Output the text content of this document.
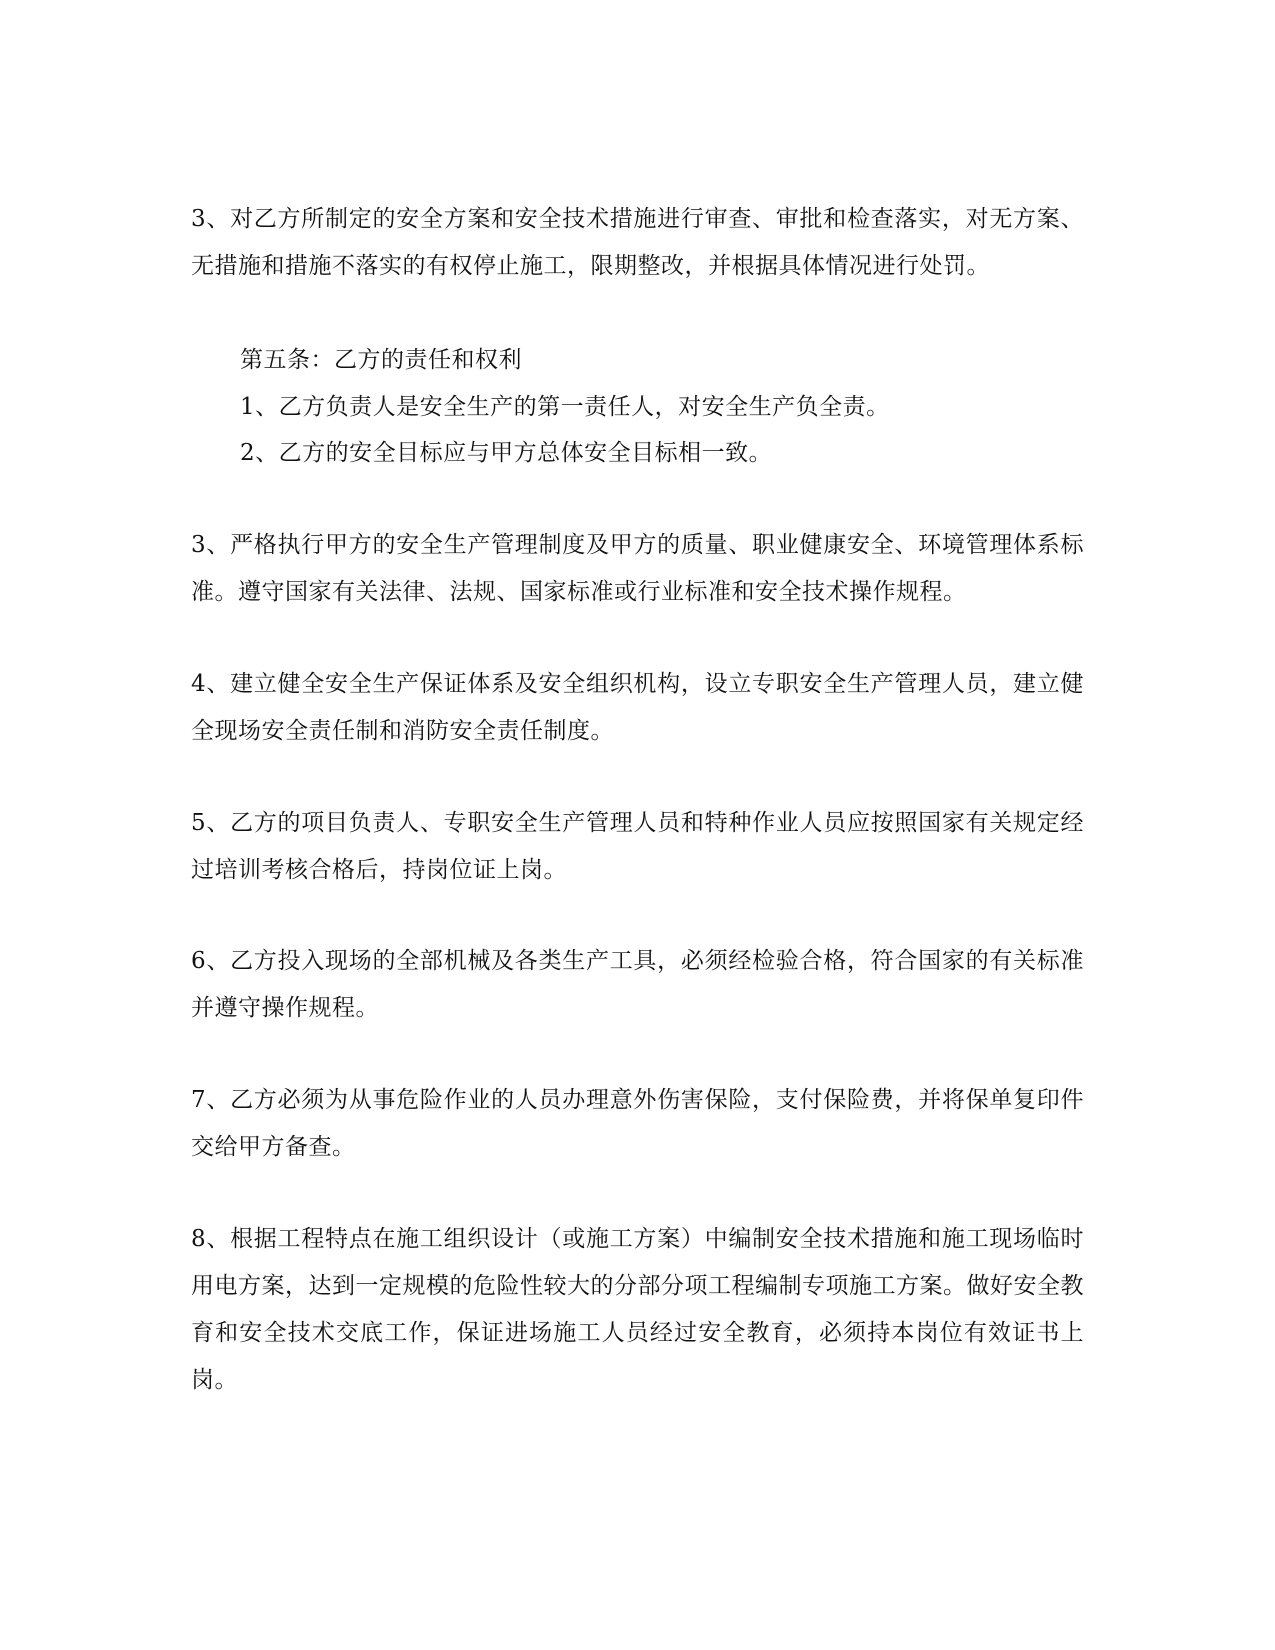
3、对乙方所制定的安全方案和安全技术措施进行审查、审批和检查落实，对无方案、无措施和措施不落实的有权停止施工，限期整改，并根据具体情况进行处罚。

第五条：乙方的责任和权利

1、乙方负责人是安全生产的第一责任人，对安全生产负全责。

2、乙方的安全目标应与甲方总体安全目标相一致。

3、严格执行甲方的安全生产管理制度及甲方的质量、职业健康安全、环境管理体系标准。遵守国家有关法律、法规、国家标准或行业标准和安全技术操作规程。

4、建立健全安全生产保证体系及安全组织机构，设立专职安全生产管理人员，建立健全现场安全责任制和消防安全责任制度。

5、乙方的项目负责人、专职安全生产管理人员和特种作业人员应按照国家有关规定经过培训考核合格后，持岗位证上岗。

6、乙方投入现场的全部机械及各类生产工具，必须经检验合格，符合国家的有关标准并遵守操作规程。

7、乙方必须为从事危险作业的人员办理意外伤害保险，支付保险费，并将保单复印件交给甲方备查。

8、根据工程特点在施工组织设计（或施工方案）中编制安全技术措施和施工现场临时用电方案，达到一定规模的危险性较大的分部分项工程编制专项施工方案。做好安全教育和安全技术交底工作，保证进场施工人员经过安全教育，必须持本岗位有效证书上岗。
